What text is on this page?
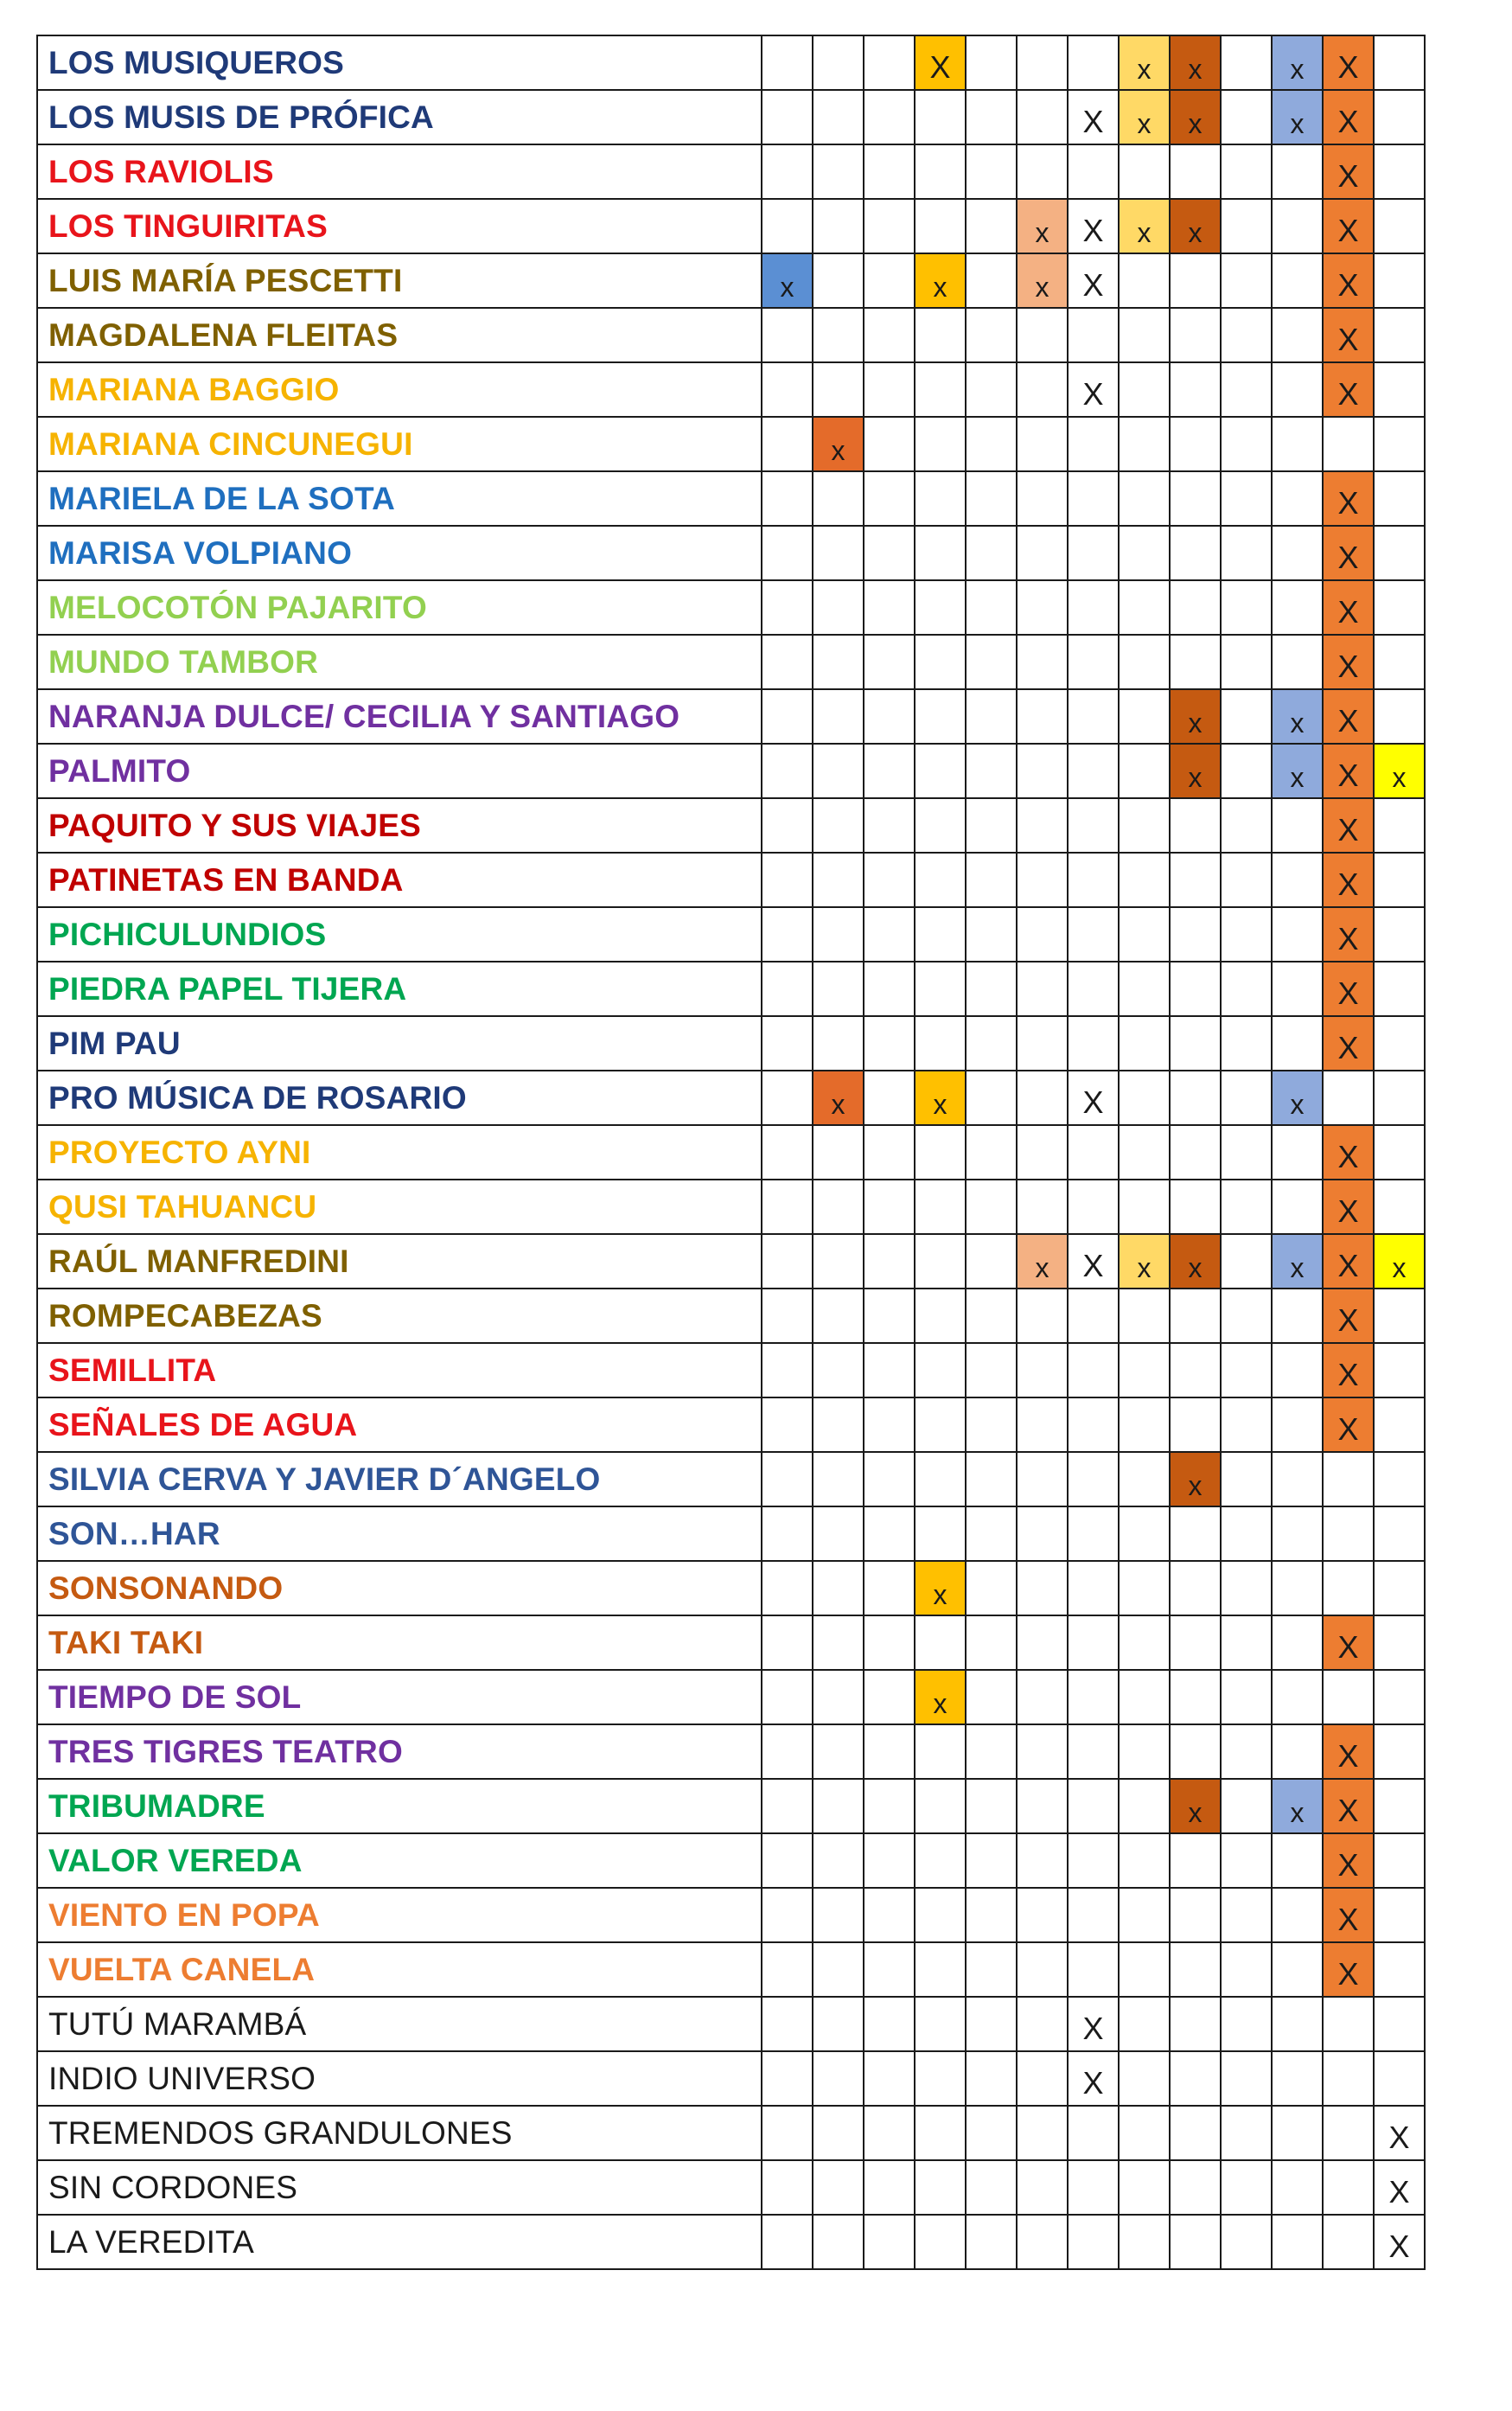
LOS MUSIQUEROS				X				x	x		x	X	
LOS MUSIS DE PRÓFICA							X	x	x		x	X	
LOS RAVIOLIS												X	
LOS TINGUIRITAS						x	X	x	x			X	
LUIS MARÍA PESCETTI	x			x		x	X					X	
MAGDALENA FLEITAS												X	
MARIANA BAGGIO							X					X	
MARIANA CINCUNEGUI		x											
MARIELA DE LA SOTA												X	
MARISA VOLPIANO												X	
MELOCOTÓN PAJARITO												X	
MUNDO TAMBOR												X	
NARANJA DULCE/ CECILIA Y SANTIAGO									x		x	X	
PALMITO									x		x	X	x
PAQUITO Y SUS VIAJES												X	
PATINETAS EN BANDA												X	
PICHICULUNDIOS												X	
PIEDRA PAPEL TIJERA												X	
PIM PAU												X	
PRO MÚSICA DE ROSARIO		x		x			X				x		
PROYECTO AYNI												X	
QUSI TAHUANCU												X	
RAÚL MANFREDINI						x	X	x	x		x	X	x
ROMPECABEZAS												X	
SEMILLITA												X	
SEÑALES DE AGUA												X	
SILVIA CERVA Y JAVIER D´ANGELO									x				
SON…HAR													
SONSONANDO				x									
TAKI TAKI												X	
TIEMPO DE SOL				x									
TRES TIGRES TEATRO												X	
TRIBUMADRE									x		x	X	
VALOR VEREDA												X	
VIENTO EN POPA												X	
VUELTA CANELA												X	
TUTÚ MARAMBÁ							X						
INDIO UNIVERSO							X						
TREMENDOS GRANDULONES													X
SIN CORDONES													X
LA VEREDITA													X
